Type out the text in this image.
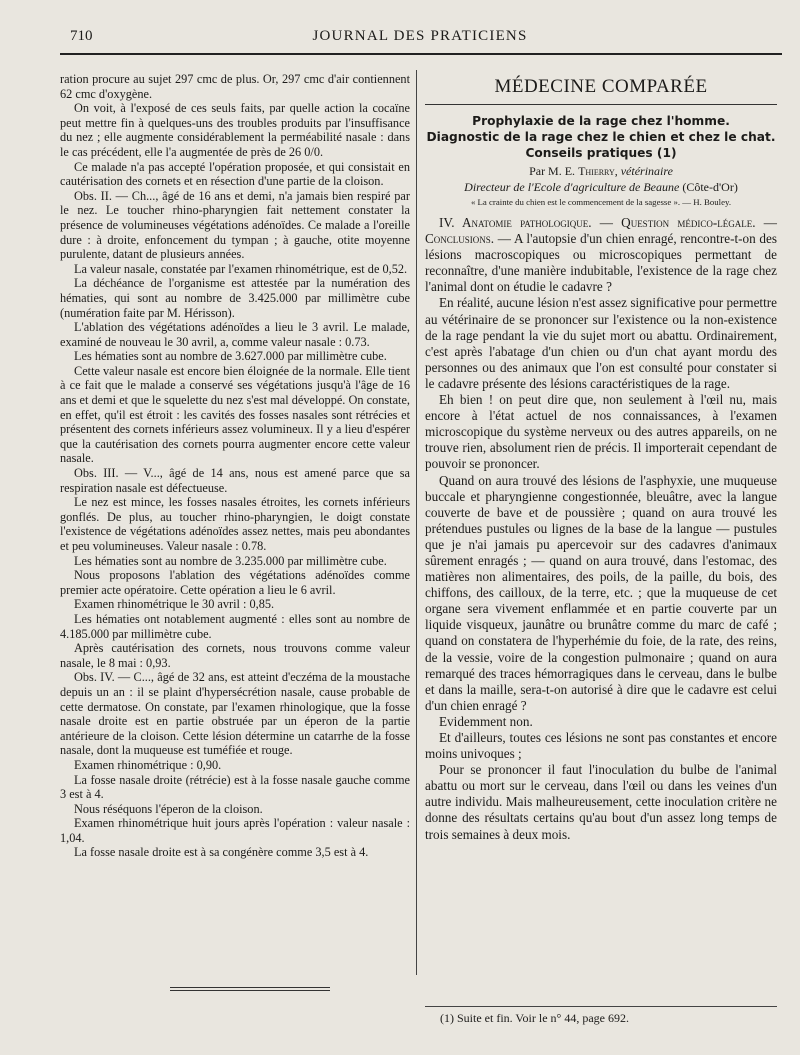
710	JOURNAL DES PRATICIENS

ration procure au sujet 297 cmc de plus. Or, 297 cmc d'air contiennent 62 cmc d'oxygène.

On voit, à l'exposé de ces seuls faits, par quelle action la cocaïne peut mettre fin à quelques-uns des troubles produits par l'insuffisance du nez ; elle augmente considérablement la perméabilité nasale : dans le cas précédent, elle l'a augmentée de près de 26 0/0.

Ce malade n'a pas accepté l'opération proposée, et qui consistait en cautérisation des cornets et en résection d'une partie de la cloison.

Obs. II. — Ch..., âgé de 16 ans et demi, n'a jamais bien respiré par le nez. Le toucher rhino-pharyngien fait nettement constater la présence de volumineuses végétations adénoïdes. Ce malade a l'oreille dure : à droite, enfoncement du tympan ; à gauche, otite moyenne purulente, datant de plusieurs années.

La valeur nasale, constatée par l'examen rhinométrique, est de 0,52.

La déchéance de l'organisme est attestée par la numération des hématies, qui sont au nombre de 3.425.000 par millimètre cube (numération faite par M. Hérisson).

L'ablation des végétations adénoïdes a lieu le 3 avril. Le malade, examiné de nouveau le 30 avril, a, comme valeur nasale : 0.73.

Les hématies sont au nombre de 3.627.000 par millimètre cube.

Cette valeur nasale est encore bien éloignée de la normale. Elle tient à ce fait que le malade a conservé ses végétations jusqu'à l'âge de 16 ans et demi et que le squelette du nez s'est mal développé. On constate, en effet, qu'il est étroit : les cavités des fosses nasales sont rétrécies et présentent des cornets inférieurs assez volumineux. Il y a lieu d'espérer que la cautérisation des cornets pourra augmenter encore cette valeur nasale.

Obs. III. — V..., âgé de 14 ans, nous est amené parce que sa respiration nasale est défectueuse.

Le nez est mince, les fosses nasales étroites, les cornets inférieurs gonflés. De plus, au toucher rhino-pharyngien, le doigt constate l'existence de végétations adénoïdes assez nettes, mais peu abondantes et peu volumineuses. Valeur nasale : 0.78.

Les hématies sont au nombre de 3.235.000 par millimètre cube.

Nous proposons l'ablation des végétations adénoïdes comme premier acte opératoire. Cette opération a lieu le 6 avril.

Examen rhinométrique le 30 avril : 0,85.

Les hématies ont notablement augmenté : elles sont au nombre de 4.185.000 par millimètre cube.

Après cautérisation des cornets, nous trouvons comme valeur nasale, le 8 mai : 0,93.

Obs. IV. — C..., âgé de 32 ans, est atteint d'eczéma de la moustache depuis un an : il se plaint d'hypersécrétion nasale, cause probable de cette dermatose. On constate, par l'examen rhinologique, que la fosse nasale droite est en partie obstruée par un éperon de la partie antérieure de la cloison. Cette lésion détermine un catarrhe de la fosse nasale, dont la muqueuse est tuméfiée et rouge.

Examen rhinométrique : 0,90.

La fosse nasale droite (rétrécie) est à la fosse nasale gauche comme 3 est à 4.

Nous réséquons l'éperon de la cloison.

Examen rhinométrique huit jours après l'opération : valeur nasale : 1,04.

La fosse nasale droite est à sa congénère comme 3,5 est à 4.

MÉDECINE COMPARÉE
Prophylaxie de la rage chez l'homme.
Diagnostic de la rage chez le chien et chez le chat.
Conseils pratiques (1)
Par M. E. Thierry, vétérinaire
Directeur de l'Ecole d'agriculture de Beaune (Côte-d'Or)
« La crainte du chien est le commencement de la sagesse ». — H. Bouley.

IV. Anatomie pathologique. — Question médico-légale. — Conclusions. — A l'autopsie d'un chien enragé, rencontre-t-on des lésions macroscopiques ou microscopiques permettant de reconnaître, d'une manière indubitable, l'existence de la rage chez l'animal dont on étudie le cadavre ?

En réalité, aucune lésion n'est assez significative pour permettre au vétérinaire de se prononcer sur l'existence ou la non-existence de la rage pendant la vie du sujet mort ou abattu. Ordinairement, c'est après l'abatage d'un chien ou d'un chat ayant mordu des personnes ou des animaux que l'on est consulté pour constater si le cadavre présente des lésions caractéristiques de la rage.

Eh bien ! on peut dire que, non seulement à l'œil nu, mais encore à l'état actuel de nos connaissances, à l'examen microscopique du système nerveux ou des autres appareils, on ne trouve rien, absolument rien de précis. Il importerait cependant de pouvoir se prononcer.

Quand on aura trouvé des lésions de l'asphyxie, une muqueuse buccale et pharyngienne congestionnée, bleuâtre, avec la langue couverte de bave et de poussière ; quand on aura trouvé les prétendues pustules ou lignes de la base de la langue — pustules que je n'ai jamais pu apercevoir sur des cadavres d'animaux sûrement enragés ; — quand on aura trouvé, dans l'estomac, des matières non alimentaires, des poils, de la paille, du bois, des chiffons, des cailloux, de la terre, etc. ; que la muqueuse de cet organe sera vivement enflammée et en partie couverte par un liquide visqueux, jaunâtre ou brunâtre comme du marc de café ; quand on constatera de l'hyperhémie du foie, de la rate, des reins, de la vessie, voire de la congestion pulmonaire ; quand on aura remarqué des traces hémorragiques dans le cerveau, dans le bulbe et dans la maille, sera-t-on autorisé à dire que le cadavre est celui d'un chien enragé ?

Evidemment non.

Et d'ailleurs, toutes ces lésions ne sont pas constantes et encore moins univoques ;

Pour se prononcer il faut l'inoculation du bulbe de l'animal abattu ou mort sur le cerveau, dans l'œil ou dans les veines d'un autre individu. Mais malheureusement, cette inoculation critère ne donne des résultats certains qu'au bout d'un assez long temps de trois semaines à deux mois.

(1) Suite et fin. Voir le n° 44, page 692.
